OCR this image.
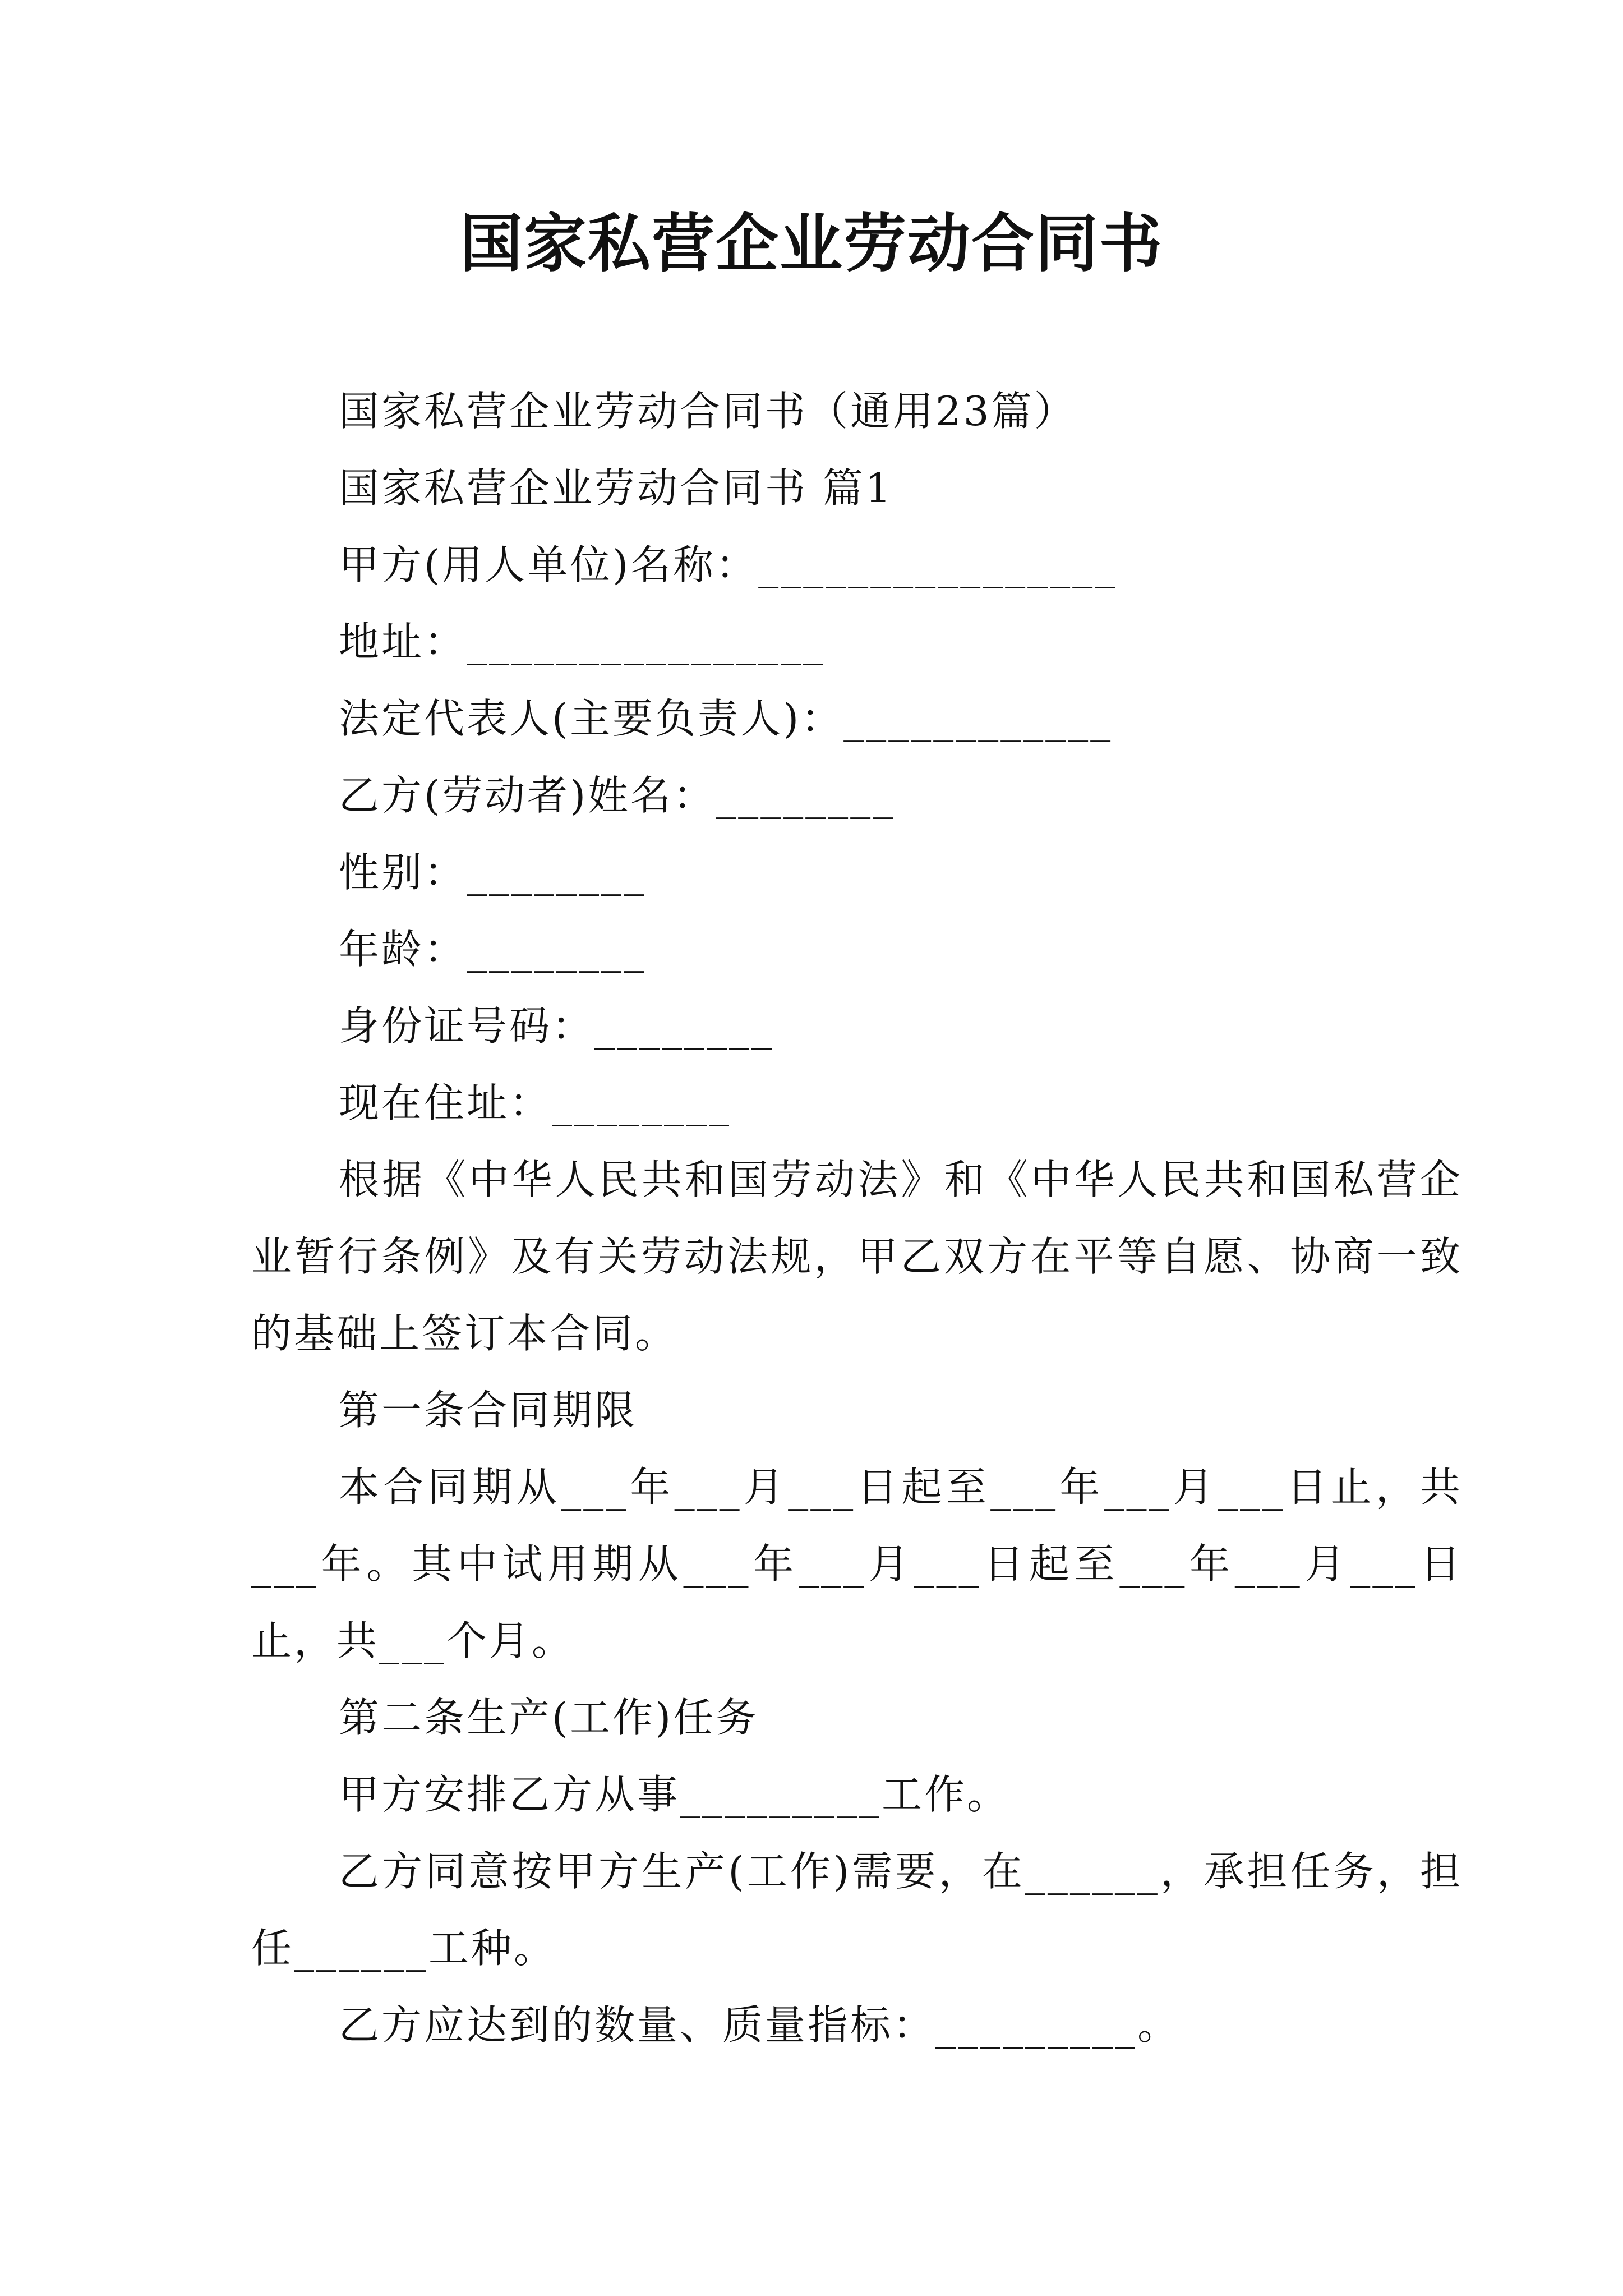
国家私营企业劳动合同书

国家私营企业劳动合同书（通用23篇）

国家私营企业劳动合同书 篇1

甲方(用人单位)名称：________________

地址：________________

法定代表人(主要负责人)：____________

乙方(劳动者)姓名：________

性别：________

年龄：________

身份证号码：________

现在住址：________

根据《中华人民共和国劳动法》和《中华人民共和国私营企业暂行条例》及有关劳动法规，甲乙双方在平等自愿、协商一致的基础上签订本合同。

第一条合同期限

本合同期从___年___月___日起至___年___月___日止，共___年。其中试用期从___年___月___日起至___年___月___日止，共___个月。

第二条生产(工作)任务

甲方安排乙方从事_________工作。

乙方同意按甲方生产(工作)需要，在______，承担任务，担任______工种。

乙方应达到的数量、质量指标：_________。
